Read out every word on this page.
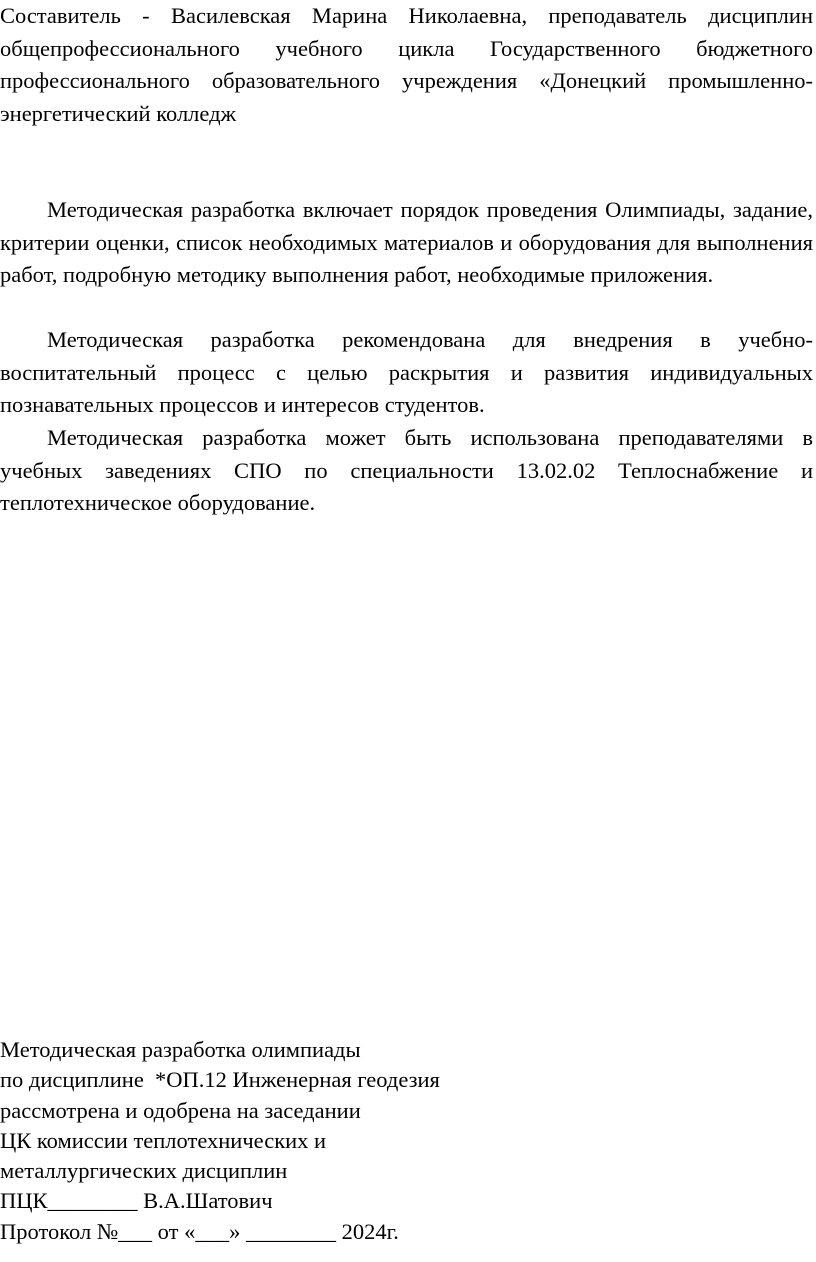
Составитель - Василевская Марина Николаевна, преподаватель дисциплин общепрофессионального учебного цикла Государственного бюджетного профессионального образовательного учреждения «Донецкий промышленно-энергетический колледж

Методическая разработка включает порядок проведения Олимпиады, задание, критерии оценки, список необходимых материалов и оборудования для выполнения работ, подробную методику выполнения работ, необходимые приложения.

Методическая разработка рекомендована для внедрения в учебно-воспитательный процесс с целью раскрытия и развития индивидуальных познавательных процессов и интересов студентов.

Методическая разработка может быть использована преподавателями в учебных заведениях СПО по специальности 13.02.02 Теплоснабжение и теплотехническое оборудование.

Методическая разработка олимпиады
по дисциплине  *ОП.12 Инженерная геодезия
рассмотрена и одобрена на заседании
ЦК комиссии теплотехнических и
металлургических дисциплин
ПЦК________ В.А.Шатович
Протокол №___ от «___» ________ 2024г.
